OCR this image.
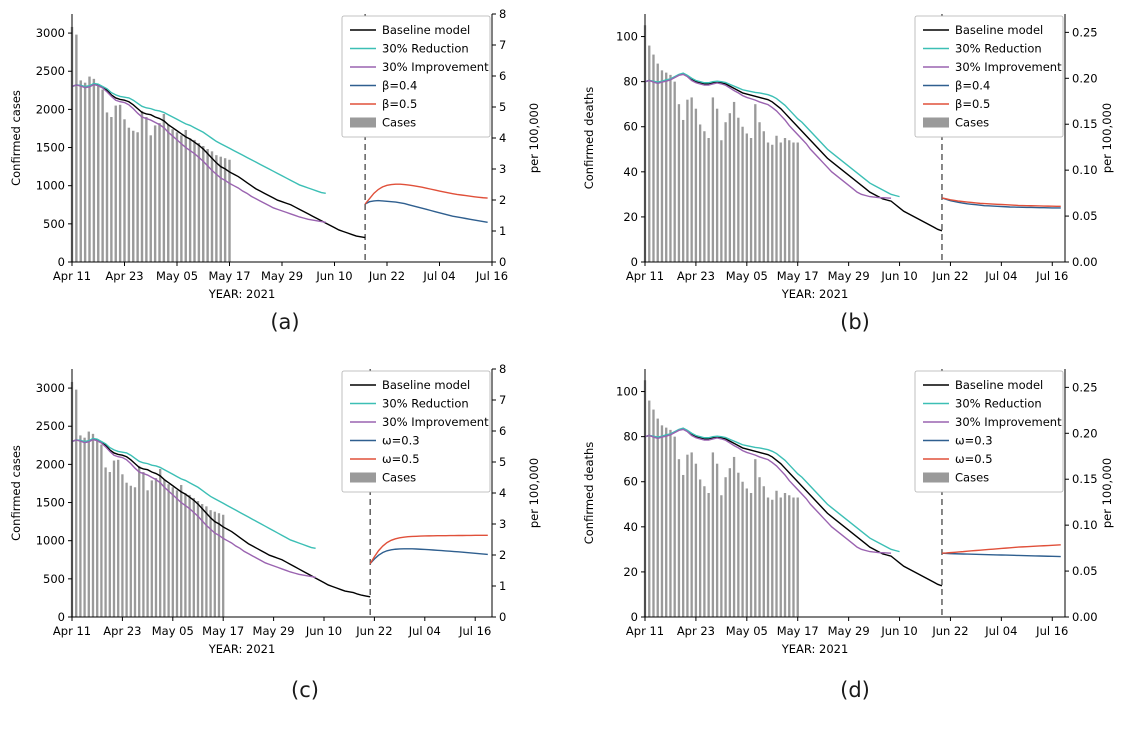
0
500
1000
1500
2000
2500
3000
0
1
2
3
4
5
6
7
8
Apr 11 Apr 23 May 05 May 17 May 29 Jun 10 Jun 22 Jul 04 Jul 16
Confirmed cases	per 100,000
YEAR: 2021
Baseline model
30% Reduction
30% Improvement
β=0.4
β=0.5
Cases
0
20
40
60
80
100
0.00
0.05
0.10
0.15
0.20
0.25
Apr 11 Apr 23 May 05 May 17 May 29 Jun 10 Jun 22 Jul 04 Jul 16
Confirmed deaths	per 100,000
YEAR: 2021
Baseline model
30% Reduction
30% Improvement
β=0.4
β=0.5
Cases
0
500
1000
1500
2000
2500
3000
0
1
2
3
4
5
6
7
8
Apr 11 Apr 23 May 05 May 17 May 29 Jun 10 Jun 22 Jul 04 Jul 16
Confirmed cases	per 100,000
YEAR: 2021
Baseline model
30% Reduction
30% Improvement
ω=0.3
ω=0.5
Cases
0
20
40
60
80
100
0.00
0.05
0.10
0.15
0.20
0.25
Apr 11 Apr 23 May 05 May 17 May 29 Jun 10 Jun 22 Jul 04 Jul 16
Confirmed deaths	per 100,000
YEAR: 2021
Baseline model
30% Reduction
30% Improvement
ω=0.3
ω=0.5
Cases
(a)	(b)
(c)	(d)
